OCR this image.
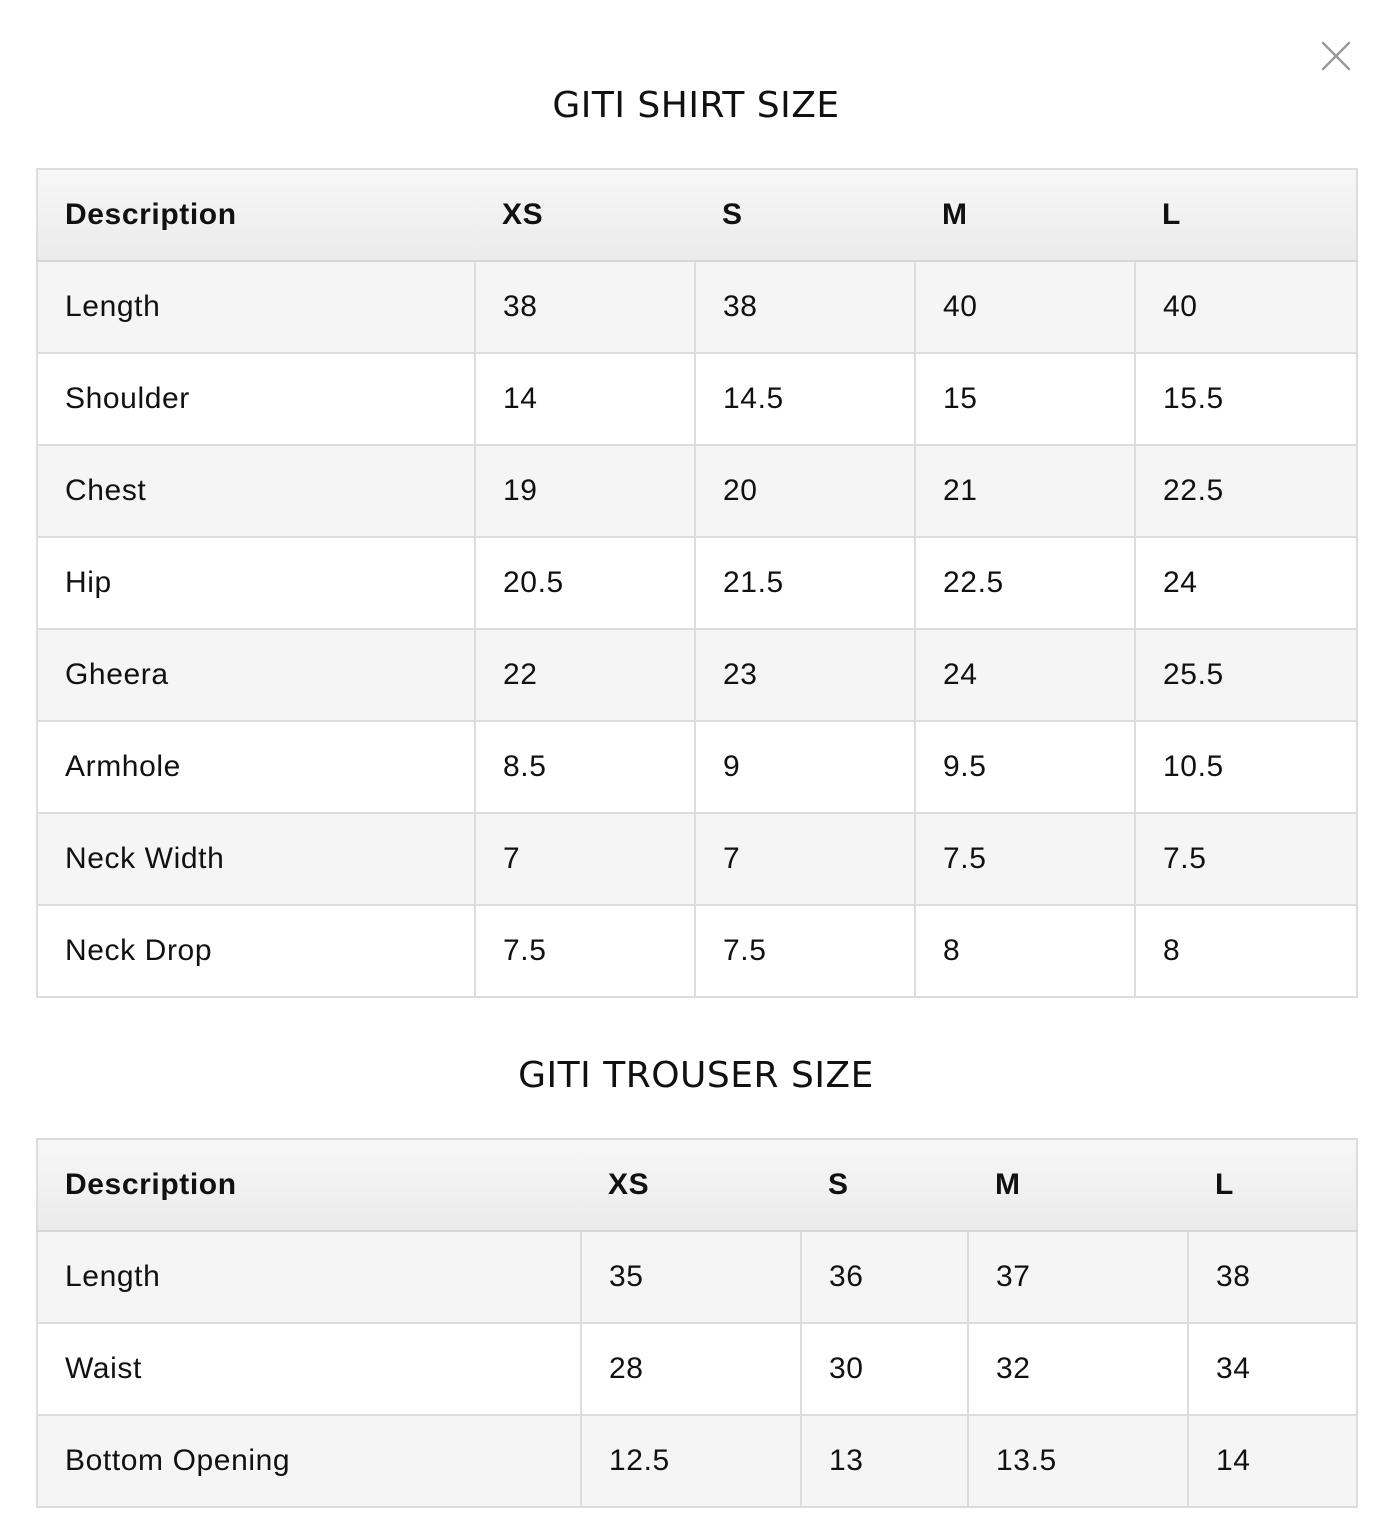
GITI SHIRT SIZE
Description	XS	S	M	L
Length	38	38	40	40
Shoulder	14	14.5	15	15.5
Chest	19	20	21	22.5
Hip	20.5	21.5	22.5	24
Gheera	22	23	24	25.5
Armhole	8.5	9	9.5	10.5
Neck Width	7	7	7.5	7.5
Neck Drop	7.5	7.5	8	8
GITI TROUSER SIZE
Description	XS	S	M	L
Length	35	36	37	38
Waist	28	30	32	34
Bottom Opening	12.5	13	13.5	14
